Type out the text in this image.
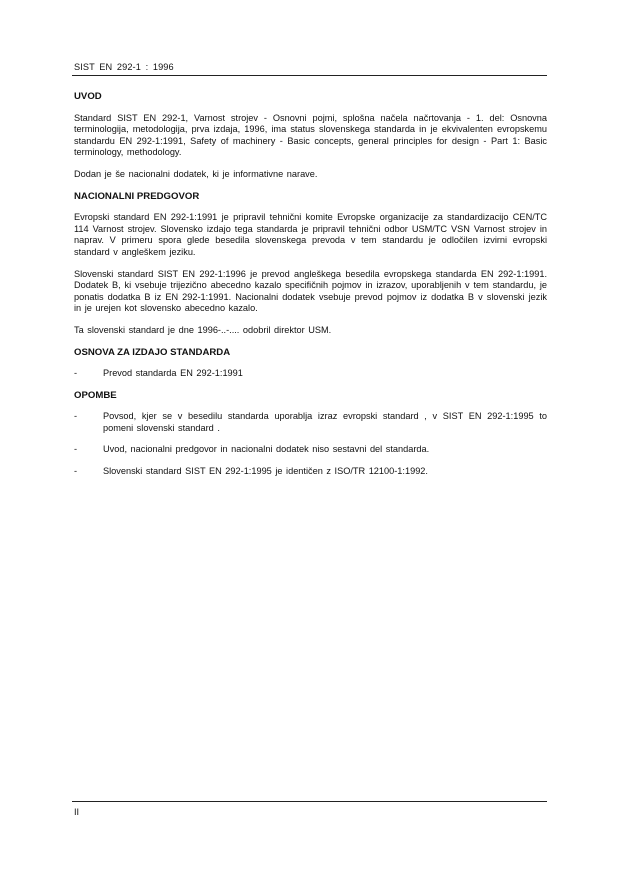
SIST EN 292-1 : 1996
UVOD
Standard SIST EN 292-1, Varnost strojev - Osnovni pojmi, splošna načela načrtovanja - 1. del: Osnovna terminologija, metodologija, prva izdaja, 1996, ima status slovenskega standarda in je ekvivalenten evropskemu standardu EN 292-1:1991, Safety of machinery - Basic concepts, general principles for design - Part 1: Basic terminology, methodology.
Dodan je še nacionalni dodatek, ki je informativne narave.
NACIONALNI PREDGOVOR
Evropski standard EN 292-1:1991 je pripravil tehnični komite Evropske organizacije za standardizacijo CEN/TC 114 Varnost strojev. Slovensko izdajo tega standarda je pripravil tehnični odbor USM/TC VSN Varnost strojev in naprav. V primeru spora glede besedila slovenskega prevoda v tem standardu je odločilen izvirni evropski standard v angleškem jeziku.
Slovenski standard SIST EN 292-1:1996 je prevod angleškega besedila evropskega standarda EN 292-1:1991. Dodatek B, ki vsebuje trijezično abecedno kazalo specifičnih pojmov in izrazov, uporabljenih v tem standardu, je ponatis dodatka B iz EN 292-1:1991. Nacionalni dodatek vsebuje prevod pojmov iz dodatka B v slovenski jezik in je urejen kot slovensko abecedno kazalo.
Ta slovenski standard je dne 1996-..-.... odobril direktor USM.
OSNOVA ZA IZDAJO STANDARDA
-	Prevod standarda EN 292-1:1991
OPOMBE
-	Povsod, kjer se v besedilu standarda uporablja izraz evropski standard , v SIST EN 292-1:1995 to pomeni slovenski standard .
-	Uvod, nacionalni predgovor in nacionalni dodatek niso sestavni del standarda.
-	Slovenski standard SIST EN 292-1:1995 je identičen z ISO/TR 12100-1:1992.
II
